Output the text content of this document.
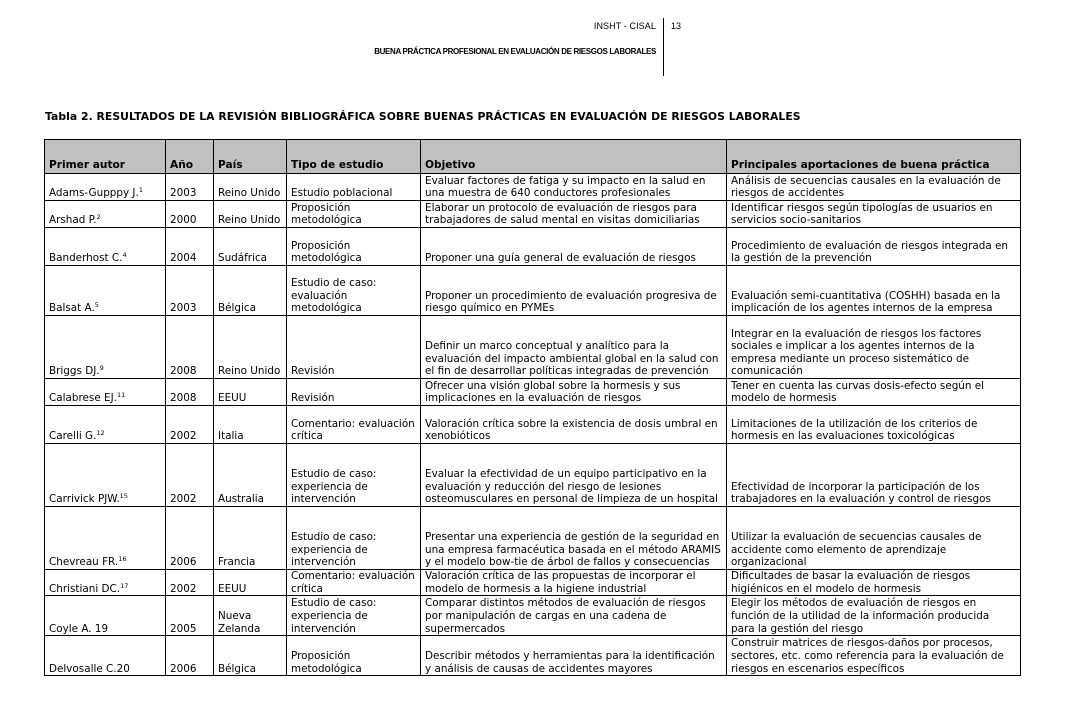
INSHT - CISAL 13
BUENA PRÁCTICA PROFESIONAL EN EVALUACIÓN DE RIESGOS LABORALES
Tabla 2. RESULTADOS DE LA REVISIÓN BIBLIOGRÁFICA SOBRE BUENAS PRÁCTICAS EN EVALUACIÓN DE RIESGOS LABORALES
Primer autor	Año	País	Tipo de estudio	Objetivo	Principales aportaciones de buena práctica
Adams-Gupppy J.$^1$	2003	Reino Unido	Estudio poblacional	Evaluar factores de fatiga y su impacto en la salud en una muestra de 640 conductores profesionales	Análisis de secuencias causales en la evaluación de riesgos de accidentes
Arshad P.$^2$	2000	Reino Unido	Proposición metodológica	Elaborar un protocolo de evaluación de riesgos para trabajadores de salud mental en visitas domiciliarias	Identificar riesgos según tipologías de usuarios en servicios socio-sanitarios
Banderhost C.$^4$	2004	Sudáfrica	Proposición metodológica	Proponer una guía general de evaluación de riesgos	Procedimiento de evaluación de riesgos integrada en la gestión de la prevención
Balsat A.$^5$	2003	Bélgica	Estudio de caso: evaluación metodológica	Proponer un procedimiento de evaluación progresiva de riesgo químico en PYMEs	Evaluación semi-cuantitativa (COSHH) basada en la implicación de los agentes internos de la empresa
Briggs DJ.$^9$	2008	Reino Unido	Revisión	Definir un marco conceptual y analítico para la evaluación del impacto ambiental global en la salud con el fin de desarrollar políticas integradas de prevención	Integrar en la evaluación de riesgos los factores sociales e implicar a los agentes internos de la empresa mediante un proceso sistemático de comunicación
Calabrese EJ.$^{11}$	2008	EEUU	Revisión	Ofrecer una visión global sobre la hormesis y sus implicaciones en la evaluación de riesgos	Tener en cuenta las curvas dosis-efecto según el modelo de hormesis
Carelli G.$^{12}$	2002	Italia	Comentario: evaluación crítica	Valoración crítica sobre la existencia de dosis umbral en xenobióticos	Limitaciones de la utilización de los criterios de hormesis en las evaluaciones toxicológicas
Carrivick PJW.$^{15}$	2002	Australia	Estudio de caso: experiencia de intervención	Evaluar la efectividad de un equipo participativo en la evaluación y reducción del riesgo de lesiones osteomusculares en personal de limpieza de un hospital	Efectividad de incorporar la participación de los trabajadores en la evaluación y control de riesgos
Chevreau FR.$^{16}$	2006	Francia	Estudio de caso: experiencia de intervención	Presentar una experiencia de gestión de la seguridad en una empresa farmacéutica basada en el método ARAMIS y el modelo bow-tie de árbol de fallos y consecuencias	Utilizar la evaluación de secuencias causales de accidente como elemento de aprendizaje organizacional
Christiani DC.$^{17}$	2002	EEUU	Comentario: evaluación crítica	Valoración crítica de las propuestas de incorporar el modelo de hormesis a la higiene industrial	Dificultades de basar la evaluación de riesgos higiénicos en el modelo de hormesis
Coyle A. 19	2005	Nueva Zelanda	Estudio de caso: experiencia de intervención	Comparar distintos métodos de evaluación de riesgos por manipulación de cargas en una cadena de supermercados	Elegir los métodos de evaluación de riesgos en función de la utilidad de la información producida para la gestión del riesgo
Delvosalle C.20	2006	Bélgica	Proposición metodológica	Describir métodos y herramientas para la identificación y análisis de causas de accidentes mayores	Construir matrices de riesgos-daños por procesos, sectores, etc. como referencia para la evaluación de riesgos en escenarios específicos
